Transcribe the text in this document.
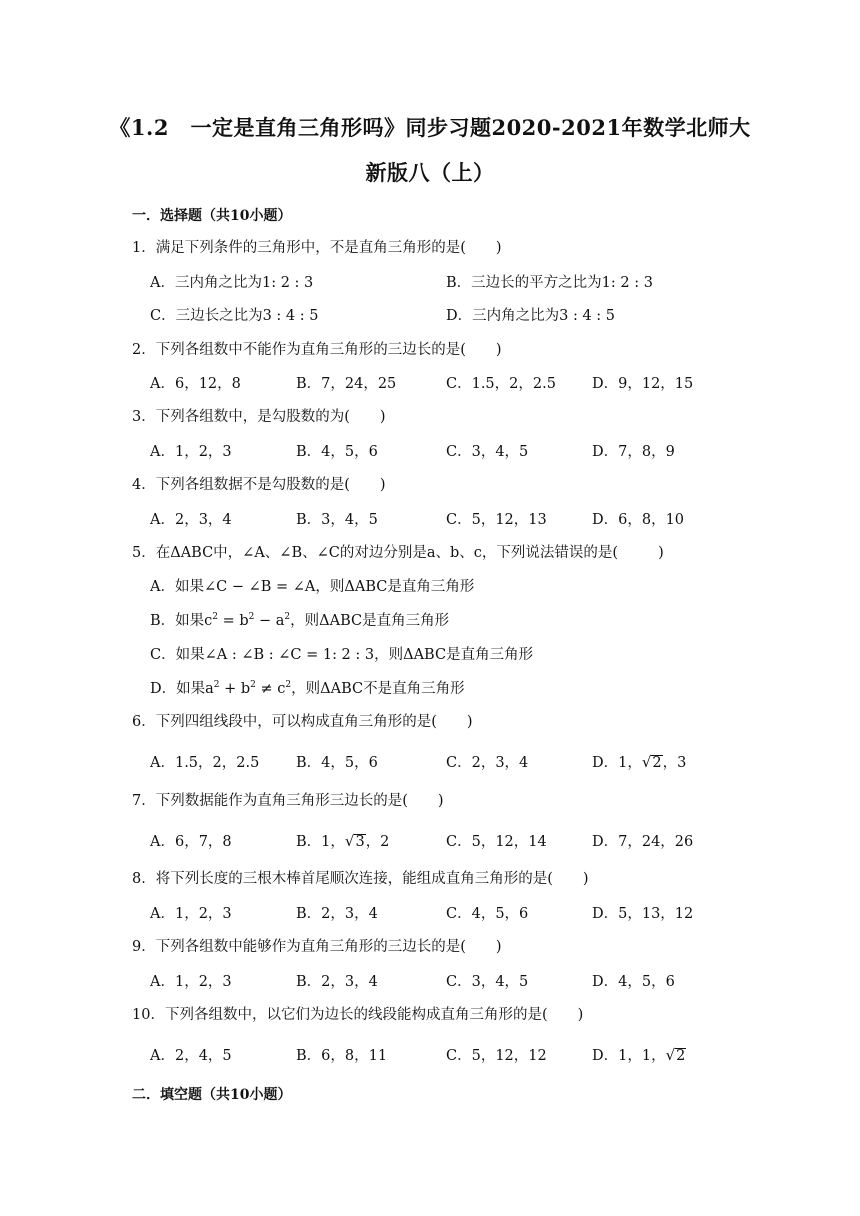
《1.2　一定是直角三角形吗》同步习题2020-2021年数学北师大
新版八（上）
一．选择题（共10小题）
1．满足下列条件的三角形中，不是直角三角形的是( )
A．三内角之比为1: 2 : 3	B．三边长的平方之比为1: 2 : 3
C．三边长之比为3 : 4 : 5	D．三内角之比为3 : 4 : 5
2．下列各组数中不能作为直角三角形的三边长的是( )
A．6，12，8	B．7，24，25	C．1.5，2，2.5 D．9，12，15
3．下列各组数中，是勾股数的为( )
A．1，2，3	B．4，5，6	C．3，4，5	D．7，8，9
4．下列各组数据不是勾股数的是( )
A．2，3，4	B．3，4，5	C．5，12，13	D．6，8，10
5．在ΔABC中，∠A、∠B、∠C的对边分别是a、b、c，下列说法错误的是(	)
A．如果∠C − ∠B = ∠A，则ΔABC是直角三角形
B．如果$c^2 = b^2 - a^2$，则ΔABC是直角三角形
C．如果∠A : ∠B : ∠C = 1: 2 : 3，则ΔABC是直角三角形
D．如果$a^2 + b^2 \ne c^2$，则ΔABC不是直角三角形
6．下列四组线段中，可以构成直角三角形的是( )
A．1.5，2，2.5	B．4，5，6	C．2，3，4	D．1，√2，3
7．下列数据能作为直角三角形三边长的是( )
A．6，7，8	B．1，√3，2	C．5，12，14	D．7，24，26
8．将下列长度的三根木棒首尾顺次连接，能组成直角三角形的是( )
A．1，2，3	B．2，3，4	C．4，5，6	D．5，13，12
9．下列各组数中能够作为直角三角形的三边长的是( )
A．1，2，3	B．2，3，4	C．3，4，5	D．4，5，6
10．下列各组数中，以它们为边长的线段能构成直角三角形的是( )
A．2，4，5	B．6，8，11	C．5，12，12	D．1，1，√2
二．填空题（共10小题）
